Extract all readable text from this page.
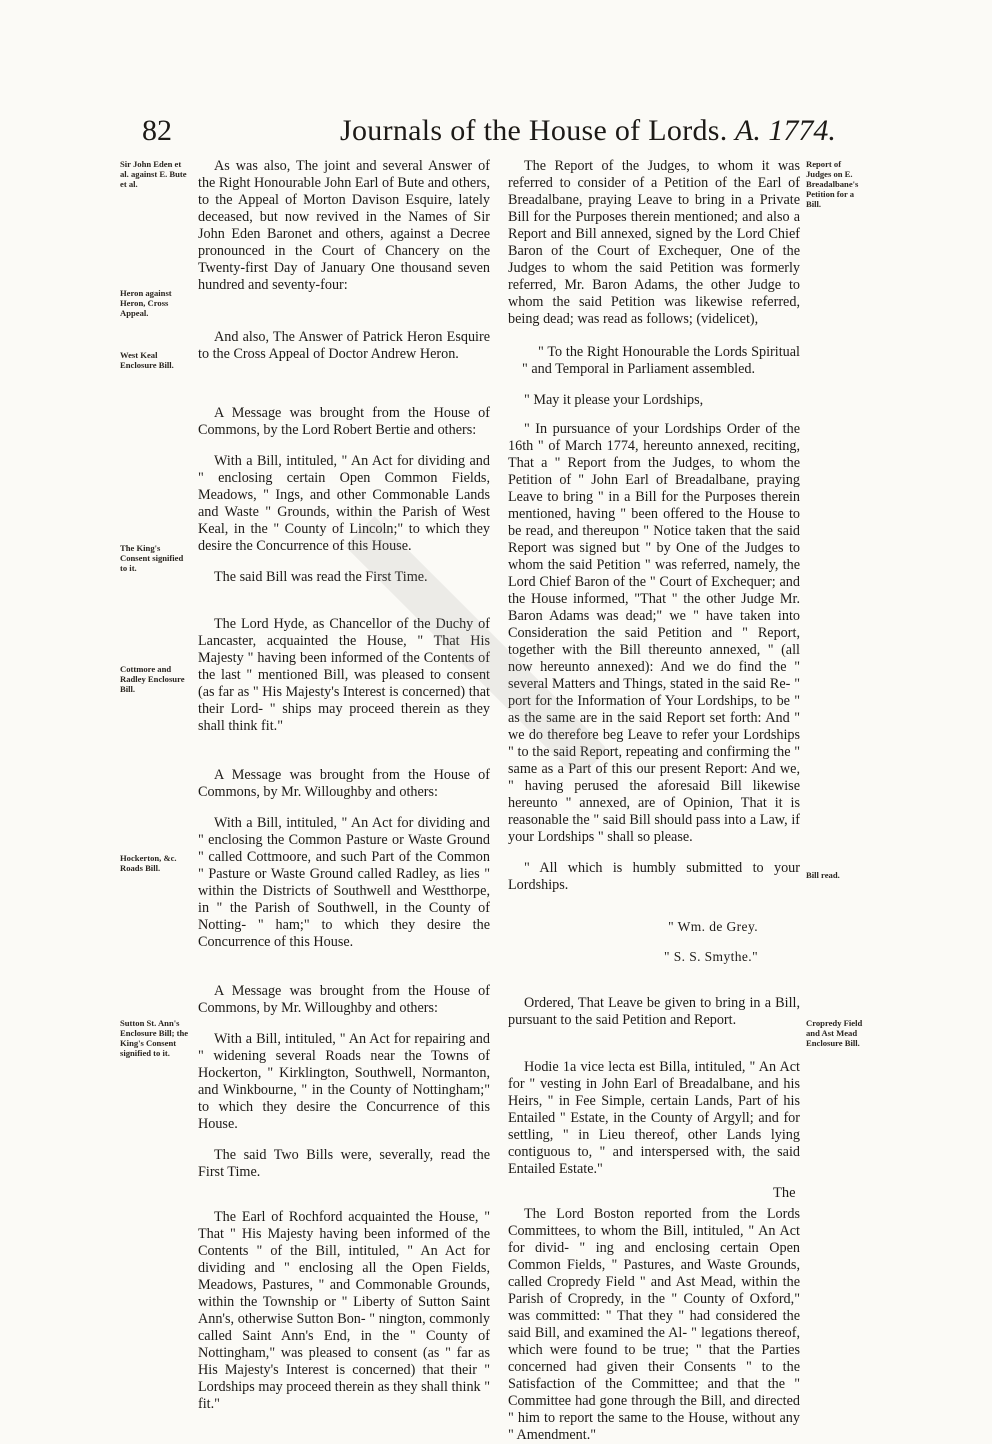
82	Journals of the House of Lords. A. 1774.

As was also, The joint and several Answer of the Right Honourable John Earl of Bute and others, to the Appeal of Morton Davison Esquire, lately deceased, but now revived in the Names of Sir John Eden Baronet and others, against a Decree pronounced in the Court of Chancery on the Twenty-first Day of January One thousand seven hundred and seventy-four:

And also, The Answer of Patrick Heron Esquire to the Cross Appeal of Doctor Andrew Heron.

A Message was brought from the House of Commons, by the Lord Robert Bertie and others:

With a Bill, intituled, " An Act for dividing and " enclosing certain Open Common Fields, Meadows, " Ings, and other Commonable Lands and Waste " Grounds, within the Parish of West Keal, in the " County of Lincoln;" to which they desire the Concurrence of this House.

The said Bill was read the First Time.

The Lord Hyde, as Chancellor of the Duchy of Lancaster, acquainted the House, " That His Majesty " having been informed of the Contents of the last " mentioned Bill, was pleased to consent (as far as " His Majesty's Interest is concerned) that their Lord- " ships may proceed therein as they shall think fit."

A Message was brought from the House of Commons, by Mr. Willoughby and others:

With a Bill, intituled, " An Act for dividing and " enclosing the Common Pasture or Waste Ground " called Cottmoore, and such Part of the Common " Pasture or Waste Ground called Radley, as lies " within the Districts of Southwell and Westthorpe, in " the Parish of Southwell, in the County of Notting- " ham;" to which they desire the Concurrence of this House.

A Message was brought from the House of Commons, by Mr. Willoughby and others:

With a Bill, intituled, " An Act for repairing and " widening several Roads near the Towns of Hockerton, " Kirklington, Southwell, Normanton, and Winkbourne, " in the County of Nottingham;" to which they desire the Concurrence of this House.

The said Two Bills were, severally, read the First Time.

The Earl of Rochford acquainted the House, " That " His Majesty having been informed of the Contents " of the Bill, intituled, " An Act for dividing and " enclosing all the Open Fields, Meadows, Pastures, " and Commonable Grounds, within the Township or " Liberty of Sutton Saint Ann's, otherwise Sutton Bon- " nington, commonly called Saint Ann's End, in the " County of Nottingham," was pleased to consent (as " far as His Majesty's Interest is concerned) that their " Lordships may proceed therein as they shall think " fit."

Sir John Eden et al. against E. Bute et al.
Heron against Heron, Cross Appeal.
West Keal Enclosure Bill.
The King's Consent signified to it.
Cottmore and Radley Enclosure Bill.
Hockerton, &c. Roads Bill.
Sutton St. Ann's Enclosure Bill; the King's Consent signified to it.

The Report of the Judges, to whom it was referred to consider of a Petition of the Earl of Breadalbane, praying Leave to bring in a Private Bill for the Purposes therein mentioned; and also a Report and Bill annexed, signed by the Lord Chief Baron of the Court of Exchequer, One of the Judges to whom the said Petition was formerly referred, Mr. Baron Adams, the other Judge to whom the said Petition was likewise referred, being dead; was read as follows; (videlicet),

" To the Right Honourable the Lords Spiritual " and Temporal in Parliament assembled.

" May it please your Lordships,

" In pursuance of your Lordships Order of the 16th " of March 1774, hereunto annexed, reciting, That a " Report from the Judges, to whom the Petition of " John Earl of Breadalbane, praying Leave to bring " in a Bill for the Purposes therein mentioned, having " been offered to the House to be read, and thereupon " Notice taken that the said Report was signed but " by One of the Judges to whom the said Petition " was referred, namely, the Lord Chief Baron of the " Court of Exchequer; and the House informed, "That " the other Judge Mr. Baron Adams was dead;" we " have taken into Consideration the said Petition and " Report, together with the Bill thereunto annexed, " (all now hereunto annexed): And we do find the " several Matters and Things, stated in the said Re- " port for the Information of Your Lordships, to be " as the same are in the said Report set forth: And " we do therefore beg Leave to refer your Lordships " to the said Report, repeating and confirming the " same as a Part of this our present Report: And we, " having perused the aforesaid Bill likewise hereunto " annexed, are of Opinion, That it is reasonable the " said Bill should pass into a Law, if your Lordships " shall so please.

" All which is humbly submitted to your Lordships.

" Wm. de Grey.

" S. S. Smythe."

Ordered, That Leave be given to bring in a Bill, pursuant to the said Petition and Report.

Hodie 1a vice lecta est Billa, intituled, " An Act for " vesting in John Earl of Breadalbane, and his Heirs, " in Fee Simple, certain Lands, Part of his Entailed " Estate, in the County of Argyll; and for settling, " in Lieu thereof, other Lands lying contiguous to, " and interspersed with, the said Entailed Estate."

The Lord Boston reported from the Lords Committees, to whom the Bill, intituled, " An Act for divid- " ing and enclosing certain Open Common Fields, " Pastures, and Waste Grounds, called Cropredy Field " and Ast Mead, within the Parish of Cropredy, in the " County of Oxford," was committed: " That they " had considered the said Bill, and examined the Al- " legations thereof, which were found to be true; " that the Parties concerned had given their Consents " to the Satisfaction of the Committee; and that the " Committee had gone through the Bill, and directed " him to report the same to the House, without any " Amendment."

Report of Judges on E. Breadalbane's Petition for a Bill.
Bill read.
Cropredy Field and Ast Mead Enclosure Bill.
The
